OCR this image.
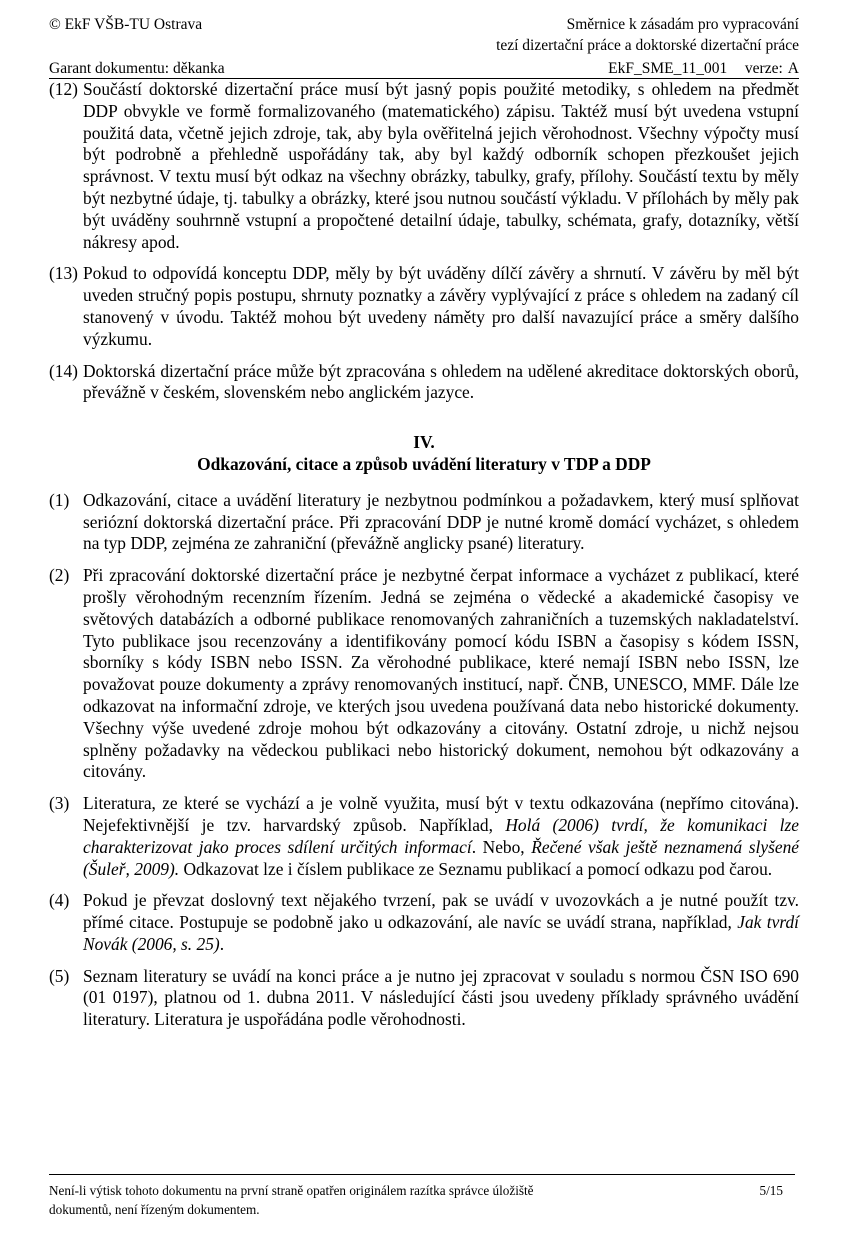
© EkF VŠB-TU Ostrava
Garant dokumentu: děkanka
Směrnice k zásadám pro vypracování
tezí dizertační práce a doktorské dizertační práce
EkF_SME_11_001   verze: A
(12) Součástí doktorské dizertační práce musí být jasný popis použité metodiky, s ohledem na předmět DDP obvykle ve formě formalizovaného (matematického) zápisu. Taktéž musí být uvedena vstupní použitá data, včetně jejich zdroje, tak, aby byla ověřitelná jejich věrohodnost. Všechny výpočty musí být podrobně a přehledně uspořádány tak, aby byl každý odborník schopen přezkoušet jejich správnost. V textu musí být odkaz na všechny obrázky, tabulky, grafy, přílohy. Součástí textu by měly být nezbytné údaje, tj. tabulky a obrázky, které jsou nutnou součástí výkladu. V přílohách by měly pak být uváděny souhrnně vstupní a propočtené detailní údaje, tabulky, schémata, grafy, dotazníky, větší nákresy apod.
(13) Pokud to odpovídá konceptu DDP, měly by být uváděny dílčí závěry a shrnutí. V závěru by měl být uveden stručný popis postupu, shrnuty poznatky a závěry vyplývající z práce s ohledem na zadaný cíl stanovený v úvodu. Taktéž mohou být uvedeny náměty pro další navazující práce a směry dalšího výzkumu.
(14) Doktorská dizertační práce může být zpracována s ohledem na udělené akreditace doktorských oborů, převážně v českém, slovenském nebo anglickém jazyce.
IV.
Odkazování, citace a způsob uvádění literatury v TDP a DDP
(1) Odkazování, citace a uvádění literatury je nezbytnou podmínkou a požadavkem, který musí splňovat seriózní doktorská dizertační práce. Při zpracování DDP je nutné kromě domácí vycházet, s ohledem na typ DDP, zejména ze zahraniční (převážně anglicky psané) literatury.
(2) Při zpracování doktorské dizertační práce je nezbytné čerpat informace a vycházet z publikací, které prošly věrohodným recenzním řízením. Jedná se zejména o vědecké a akademické časopisy ve světových databázích a odborné publikace renomovaných zahraničních a tuzemských nakladatelství. Tyto publikace jsou recenzovány a identifikovány pomocí kódu ISBN a časopisy s kódem ISSN, sborníky s kódy ISBN nebo ISSN. Za věrohodné publikace, které nemají ISBN nebo ISSN, lze považovat pouze dokumenty a zprávy renomovaných institucí, např. ČNB, UNESCO, MMF. Dále lze odkazovat na informační zdroje, ve kterých jsou uvedena používaná data nebo historické dokumenty. Všechny výše uvedené zdroje mohou být odkazovány a citovány. Ostatní zdroje, u nichž nejsou splněny požadavky na vědeckou publikaci nebo historický dokument, nemohou být odkazovány a citovány.
(3) Literatura, ze které se vychází a je volně využita, musí být v textu odkazována (nepřímo citována). Nejefektivnější je tzv. harvardský způsob. Například, Holá (2006) tvrdí, že komunikaci lze charakterizovat jako proces sdílení určitých informací. Nebo, Řečené však ještě neznamená slyšené (Šuleř, 2009). Odkazovat lze i číslem publikace ze Seznamu publikací a pomocí odkazu pod čarou.
(4) Pokud je převzat doslovný text nějakého tvrzení, pak se uvádí v uvozovkách a je nutné použít tzv. přímé citace. Postupuje se podobně jako u odkazování, ale navíc se uvádí strana, například, Jak tvrdí Novák (2006, s. 25).
(5) Seznam literatury se uvádí na konci práce a je nutno jej zpracovat v souladu s normou ČSN ISO 690 (01 0197), platnou od 1. dubna 2011. V následující části jsou uvedeny příklady správného uvádění literatury. Literatura je uspořádána podle věrohodnosti.
Není-li výtisk tohoto dokumentu na první straně opatřen originálem razítka správce úložiště dokumentů, není řízeným dokumentem.
5/15
